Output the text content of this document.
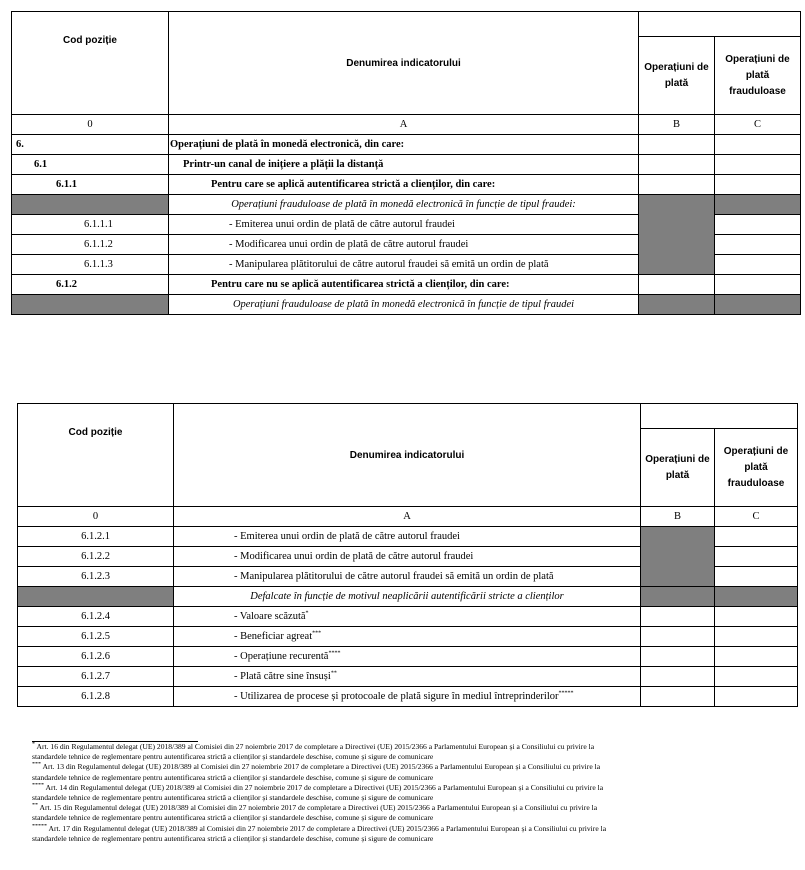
Cod poziție	Denumirea indicatorului		
		Operațiuni de plată	Operațiuni de plată frauduloase
0	A	B	C
6.	Operațiuni de plată în monedă electronică, din care:		
6.1	Printr-un canal de inițiere a plății la distanță		
6.1.1	Pentru care se aplică autentificarea strictă a clienților, din care:		
	Operațiuni frauduloase de plată în monedă electronică în funcție de tipul fraudei:		
6.1.1.1	- Emiterea unui ordin de plată de către autorul fraudei		
6.1.1.2	- Modificarea unui ordin de plată de către autorul fraudei		
6.1.1.3	- Manipularea plătitorului de către autorul fraudei să emită un ordin de plată		
6.1.2	Pentru care nu se aplică autentificarea strictă a clienților, din care:		
	Operațiuni frauduloase de plată în monedă electronică în funcție de tipul fraudei		
Cod poziție	Denumirea indicatorului		
		Operațiuni de plată	Operațiuni de plată frauduloase
0	A	B	C
6.1.2.1	- Emiterea unui ordin de plată de către autorul fraudei		
6.1.2.2	- Modificarea unui ordin de plată de către autorul fraudei		
6.1.2.3	- Manipularea plătitorului de către autorul fraudei să emită un ordin de plată		
	Defalcate în funcție de motivul neaplicării autentificării stricte a clienților		
6.1.2.4	- Valoare scăzută*		
6.1.2.5	- Beneficiar agreat***		
6.1.2.6	- Operațiune recurentă****		
6.1.2.7	- Plată către sine însuși**		
6.1.2.8	- Utilizarea de procese și protocoale de plată sigure în mediul întreprinderilor*****		

* Art. 16 din Regulamentul delegat (UE) 2018/389 al Comisiei din 27 noiembrie 2017 de completare a Directivei (UE) 2015/2366 a Parlamentului European și a Consiliului cu privire la
standardele tehnice de reglementare pentru autentificarea strictă a clienților și standardele deschise, comune și sigure de comunicare

*** Art. 13 din Regulamentul delegat (UE) 2018/389 al Comisiei din 27 noiembrie 2017 de completare a Directivei (UE) 2015/2366 a Parlamentului European și a Consiliului cu privire la
standardele tehnice de reglementare pentru autentificarea strictă a clienților și standardele deschise, comune și sigure de comunicare

**** Art. 14 din Regulamentul delegat (UE) 2018/389 al Comisiei din 27 noiembrie 2017 de completare a Directivei (UE) 2015/2366 a Parlamentului European și a Consiliului cu privire la
standardele tehnice de reglementare pentru autentificarea strictă a clienților și standardele deschise, comune și sigure de comunicare

** Art. 15 din Regulamentul delegat (UE) 2018/389 al Comisiei din 27 noiembrie 2017 de completare a Directivei (UE) 2015/2366 a Parlamentului European și a Consiliului cu privire la
standardele tehnice de reglementare pentru autentificarea strictă a clienților și standardele deschise, comune și sigure de comunicare

***** Art. 17 din Regulamentul delegat (UE) 2018/389 al Comisiei din 27 noiembrie 2017 de completare a Directivei (UE) 2015/2366 a Parlamentului European și a Consiliului cu privire la
standardele tehnice de reglementare pentru autentificarea strictă a clienților și standardele deschise, comune și sigure de comunicare
